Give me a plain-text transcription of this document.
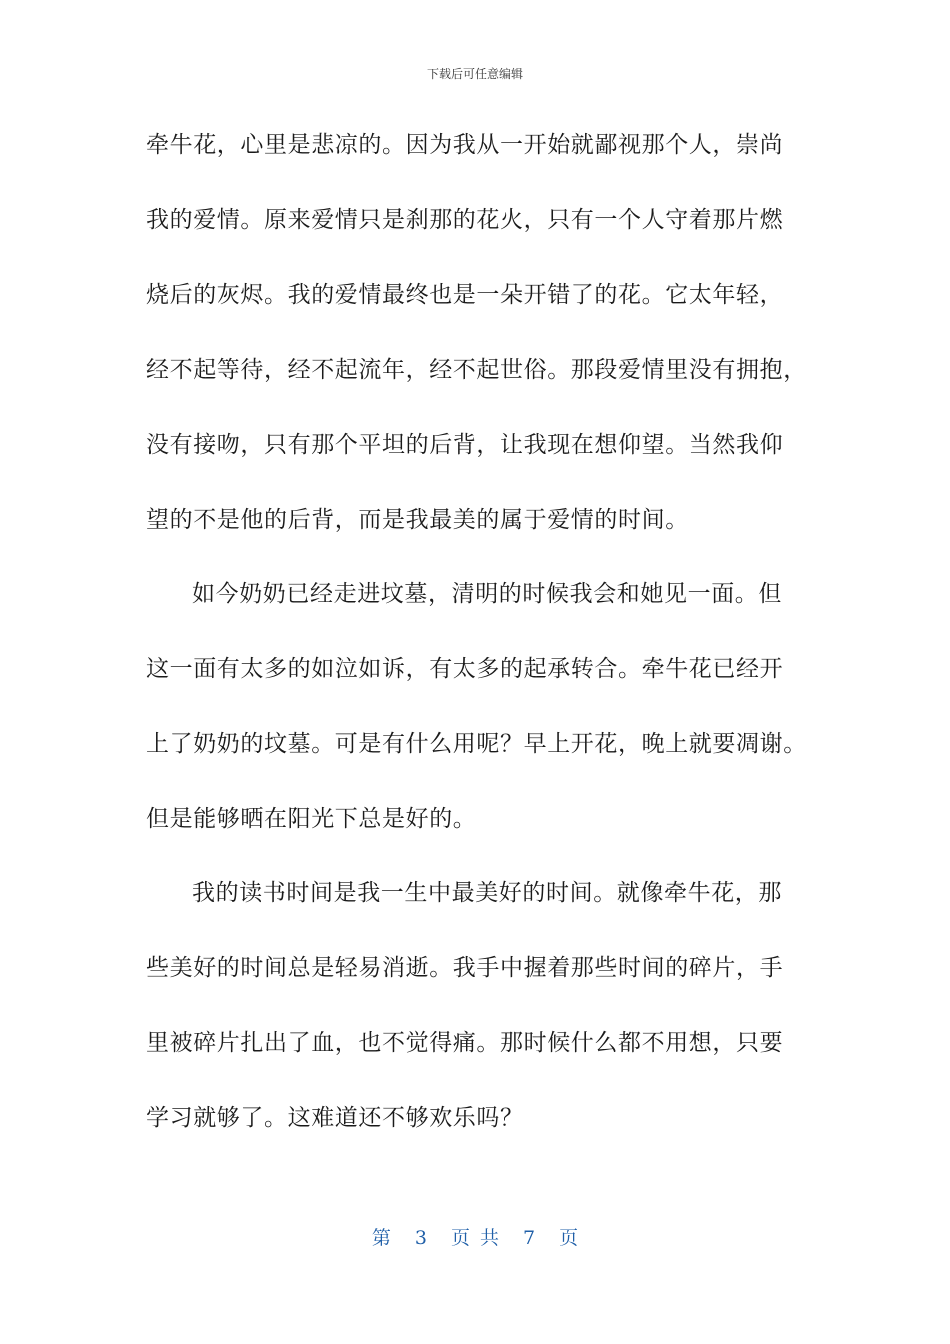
下载后可任意编辑
牵牛花，心里是悲凉的。因为我从一开始就鄙视那个人，崇尚
我的爱情。原来爱情只是刹那的花火，只有一个人守着那片燃
烧后的灰烬。我的爱情最终也是一朵开错了的花。它太年轻，
经不起等待，经不起流年，经不起世俗。那段爱情里没有拥抱，
没有接吻，只有那个平坦的后背，让我现在想仰望。当然我仰
望的不是他的后背，而是我最美的属于爱情的时间。
如今奶奶已经走进坟墓，清明的时候我会和她见一面。但
这一面有太多的如泣如诉，有太多的起承转合。牵牛花已经开
上了奶奶的坟墓。可是有什么用呢？早上开花，晚上就要凋谢。
但是能够晒在阳光下总是好的。
我的读书时间是我一生中最美好的时间。就像牵牛花，那
些美好的时间总是轻易消逝。我手中握着那些时间的碎片，手
里被碎片扎出了血，也不觉得痛。那时候什么都不用想，只要
学习就够了。这难道还不够欢乐吗？
第 3 页共 7 页
